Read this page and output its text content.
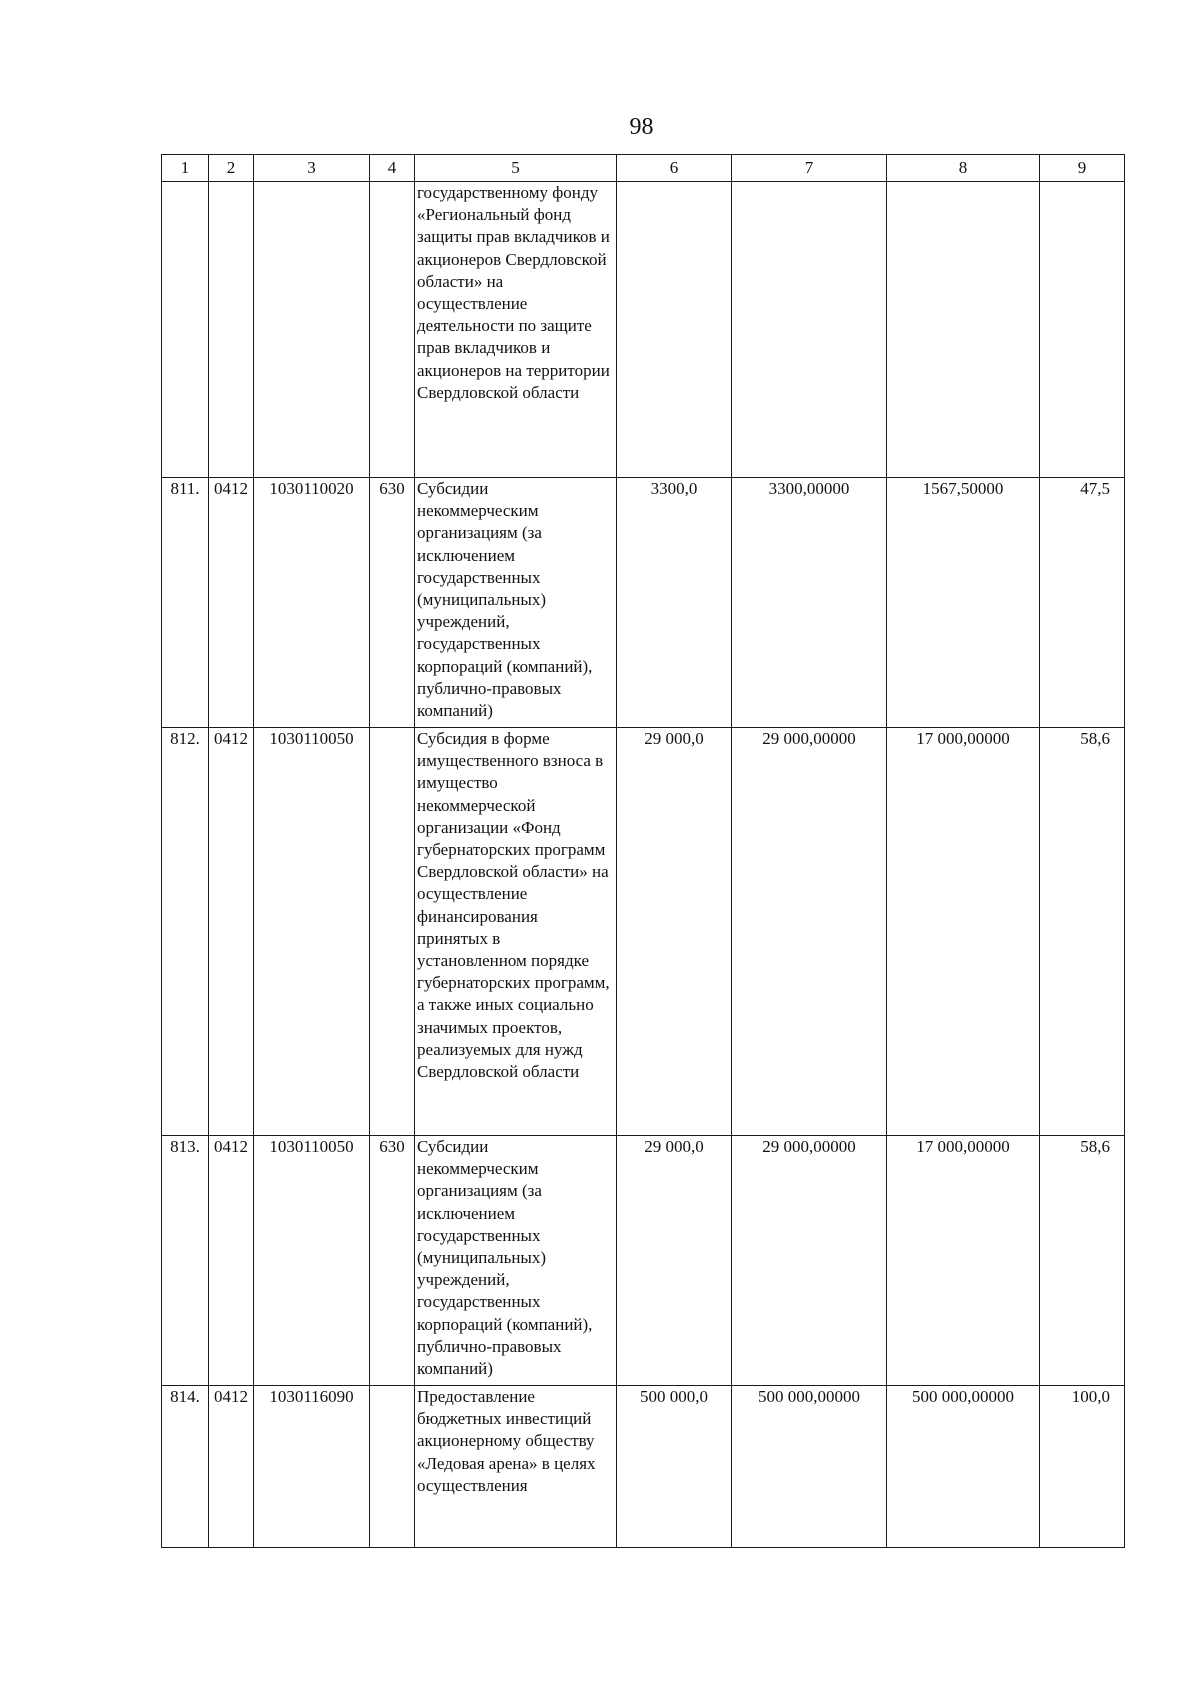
98
1	2	3	4	5	6	7	8	9
				государственному фонду «Региональный фонд защиты прав вкладчиков и акционеров Свердловской области» на осуществление деятельности по защите прав вкладчиков и акционеров на территории Свердловской области				
811.	0412	1030110020	630	Субсидии некоммерческим организациям (за исключением государственных (муниципальных) учреждений, государственных корпораций (компаний), публично-правовых компаний)	3300,0	3300,00000	1567,50000	47,5
812.	0412	1030110050		Субсидия в форме имущественного взноса в имущество некоммерческой организации «Фонд губернаторских программ Свердловской области» на осуществление финансирования принятых в установленном порядке губернаторских программ, а также иных социально значимых проектов, реализуемых для нужд Свердловской области	29 000,0	29 000,00000	17 000,00000	58,6
813.	0412	1030110050	630	Субсидии некоммерческим организациям (за исключением государственных (муниципальных) учреждений, государственных корпораций (компаний), публично-правовых компаний)	29 000,0	29 000,00000	17 000,00000	58,6
814.	0412	1030116090		Предоставление бюджетных инвестиций акционерному обществу «Ледовая арена» в целях осуществления	500 000,0	500 000,00000	500 000,00000	100,0
